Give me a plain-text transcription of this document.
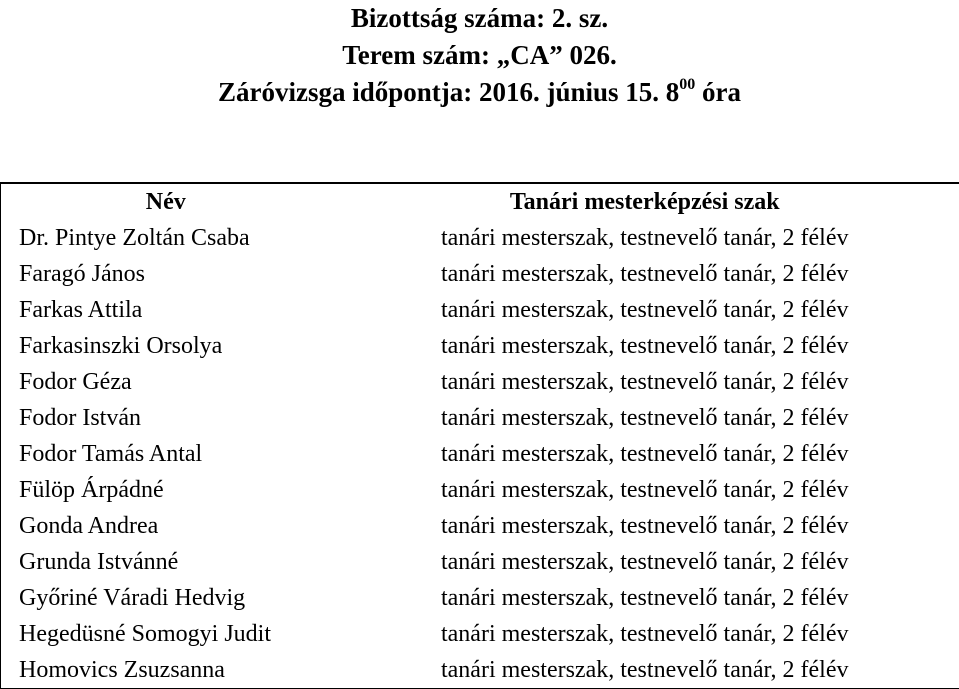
Bizottság száma: 2. sz.
Terem szám: „CA” 026.
Záróvizsga időpontja: 2016. június 15. $8^{00}$ óra
Név	Tanári mesterképzési szak
Dr. Pintye Zoltán Csaba	tanári mesterszak, testnevelő tanár, 2 félév
Faragó János	tanári mesterszak, testnevelő tanár, 2 félév
Farkas Attila	tanári mesterszak, testnevelő tanár, 2 félév
Farkasinszki Orsolya	tanári mesterszak, testnevelő tanár, 2 félév
Fodor Géza	tanári mesterszak, testnevelő tanár, 2 félév
Fodor István	tanári mesterszak, testnevelő tanár, 2 félév
Fodor Tamás Antal	tanári mesterszak, testnevelő tanár, 2 félév
Fülöp Árpádné	tanári mesterszak, testnevelő tanár, 2 félév
Gonda Andrea	tanári mesterszak, testnevelő tanár, 2 félév
Grunda Istvánné	tanári mesterszak, testnevelő tanár, 2 félév
Győriné Váradi Hedvig	tanári mesterszak, testnevelő tanár, 2 félév
Hegedüsné Somogyi Judit	tanári mesterszak, testnevelő tanár, 2 félév
Homovics Zsuzsanna	tanári mesterszak, testnevelő tanár, 2 félév
